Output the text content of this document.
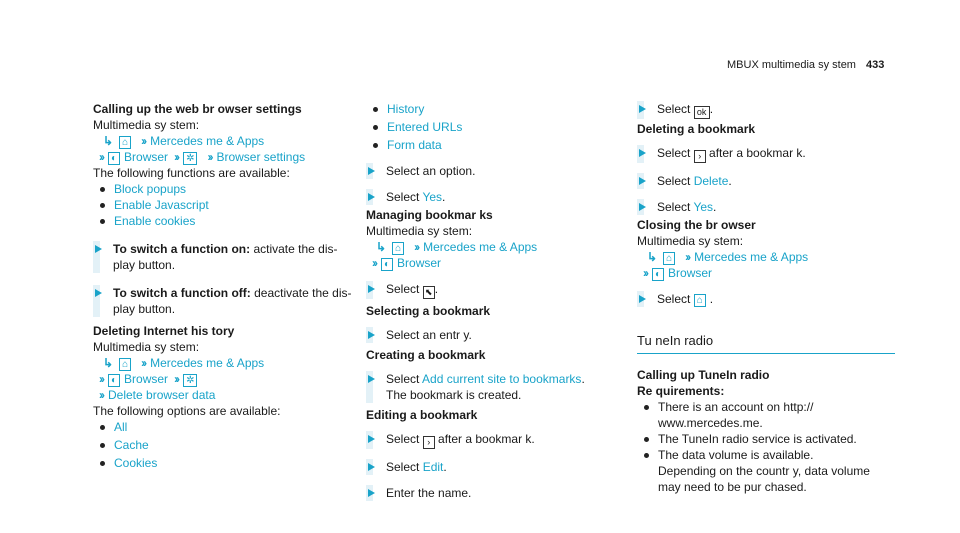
MBUX multimedia sy stem 433
Calling up the web br owser settings
Multimedia sy stem:
↳ ⌂ ›› Mercedes me & Apps
›› ◐ Browser ›› ✲ ›› Browser settings
The following functions are available:
Block popups
Enable Javascript
Enable cookies
To switch a function on: activate the dis‐ play button.
To switch a function off: deactivate the dis‐ play button.
Deleting Internet his tory
Multimedia sy stem:
↳ ⌂ ›› Mercedes me & Apps
›› ◐ Browser ›› ✲
›› Delete browser data
The following options are available:
All
Cache
Cookies
History
Entered URLs
Form data
Select an option.
Select Yes.
Managing bookmar ks
Multimedia sy stem:
↳ ⌂ ›› Mercedes me & Apps
›› ◐ Browser
Select ⬉ .
Selecting a bookmark
Select an entr y.
Creating a bookmark
Select Add current site to bookmarks.
The bookmark is created.
Editing a bookmark
Select › after a bookmar k.
Select Edit.
Enter the name.
Select ok .
Deleting a bookmark
Select › after a bookmar k.
Select Delete.
Select Yes.
Closing the br owser
Multimedia sy stem:
↳ ⌂ ›› Mercedes me & Apps
›› ◐ Browser
Select ⌂ .
Tu neIn radio
Calling up TuneIn radio
Re quirements:
There is an account on http:// www.mercedes.me.
The TuneIn radio service is activated.
The data volume is available.
Depending on the countr y, data volume may need to be pur chased.
